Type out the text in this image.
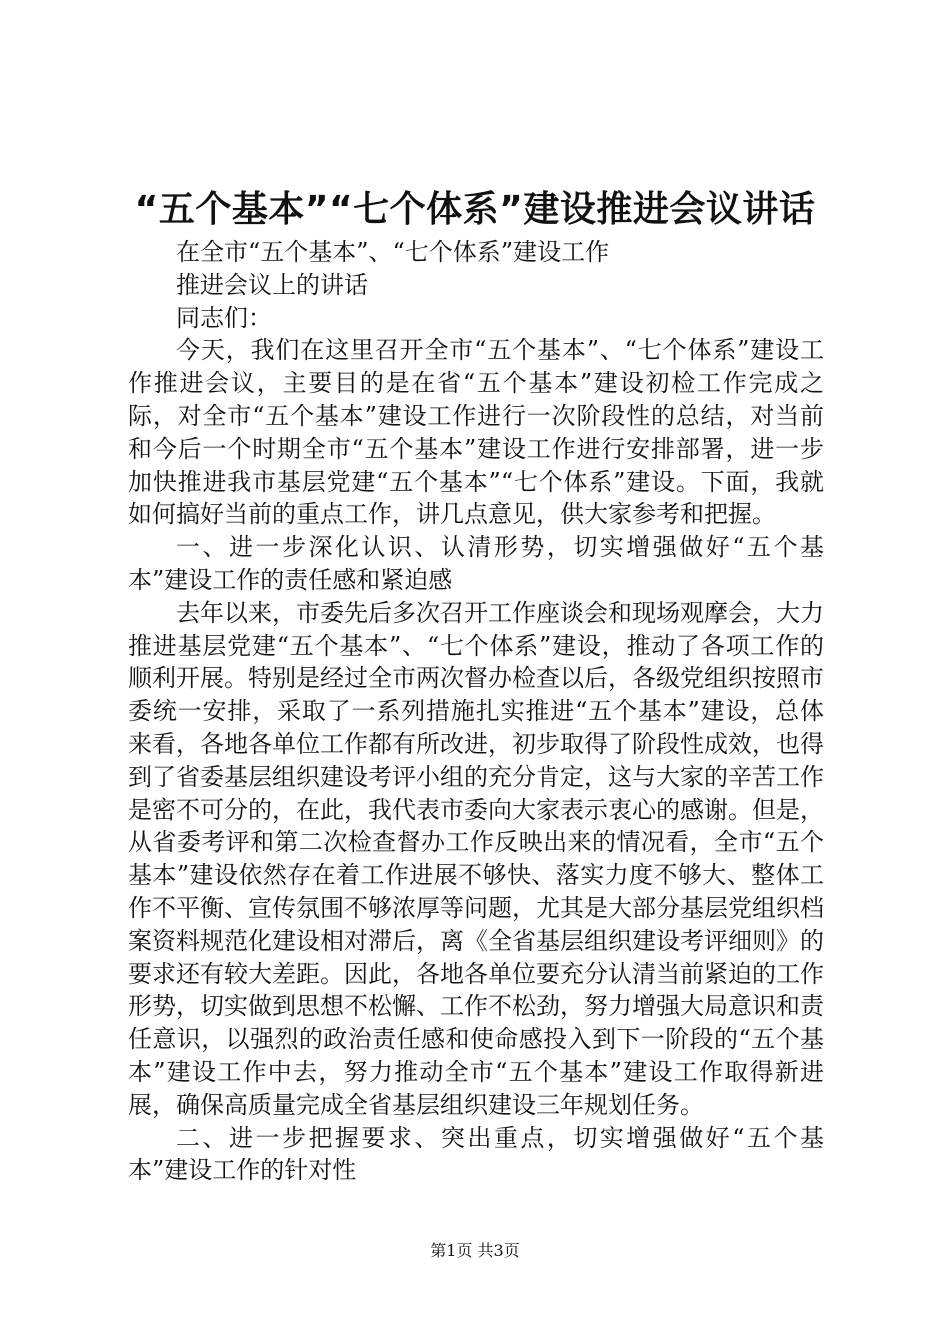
“五个基本”“七个体系”建设推进会议讲话

在全市“五个基本”、“七个体系”建设工作

推进会议上的讲话

同志们：

今天，我们在这里召开全市“五个基本”、“七个体系”建设工作推进会议，主要目的是在省“五个基本”建设初检工作完成之际，对全市“五个基本”建设工作进行一次阶段性的总结，对当前和今后一个时期全市“五个基本”建设工作进行安排部署，进一步加快推进我市基层党建“五个基本”“七个体系”建设。下面，我就如何搞好当前的重点工作，讲几点意见，供大家参考和把握。

一、进一步深化认识、认清形势，切实增强做好“五个基本”建设工作的责任感和紧迫感

去年以来，市委先后多次召开工作座谈会和现场观摩会，大力推进基层党建“五个基本”、“七个体系”建设，推动了各项工作的顺利开展。特别是经过全市两次督办检查以后，各级党组织按照市委统一安排，采取了一系列措施扎实推进“五个基本”建设，总体来看，各地各单位工作都有所改进，初步取得了阶段性成效，也得到了省委基层组织建设考评小组的充分肯定，这与大家的辛苦工作是密不可分的，在此，我代表市委向大家表示衷心的感谢。但是，从省委考评和第二次检查督办工作反映出来的情况看，全市“五个基本”建设依然存在着工作进展不够快、落实力度不够大、整体工作不平衡、宣传氛围不够浓厚等问题，尤其是大部分基层党组织档案资料规范化建设相对滞后，离《全省基层组织建设考评细则》的要求还有较大差距。因此，各地各单位要充分认清当前紧迫的工作形势，切实做到思想不松懈、工作不松劲，努力增强大局意识和责任意识，以强烈的政治责任感和使命感投入到下一阶段的“五个基本”建设工作中去，努力推动全市“五个基本”建设工作取得新进展，确保高质量完成全省基层组织建设三年规划任务。

二、进一步把握要求、突出重点，切实增强做好“五个基本”建设工作的针对性

第1页 共3页
